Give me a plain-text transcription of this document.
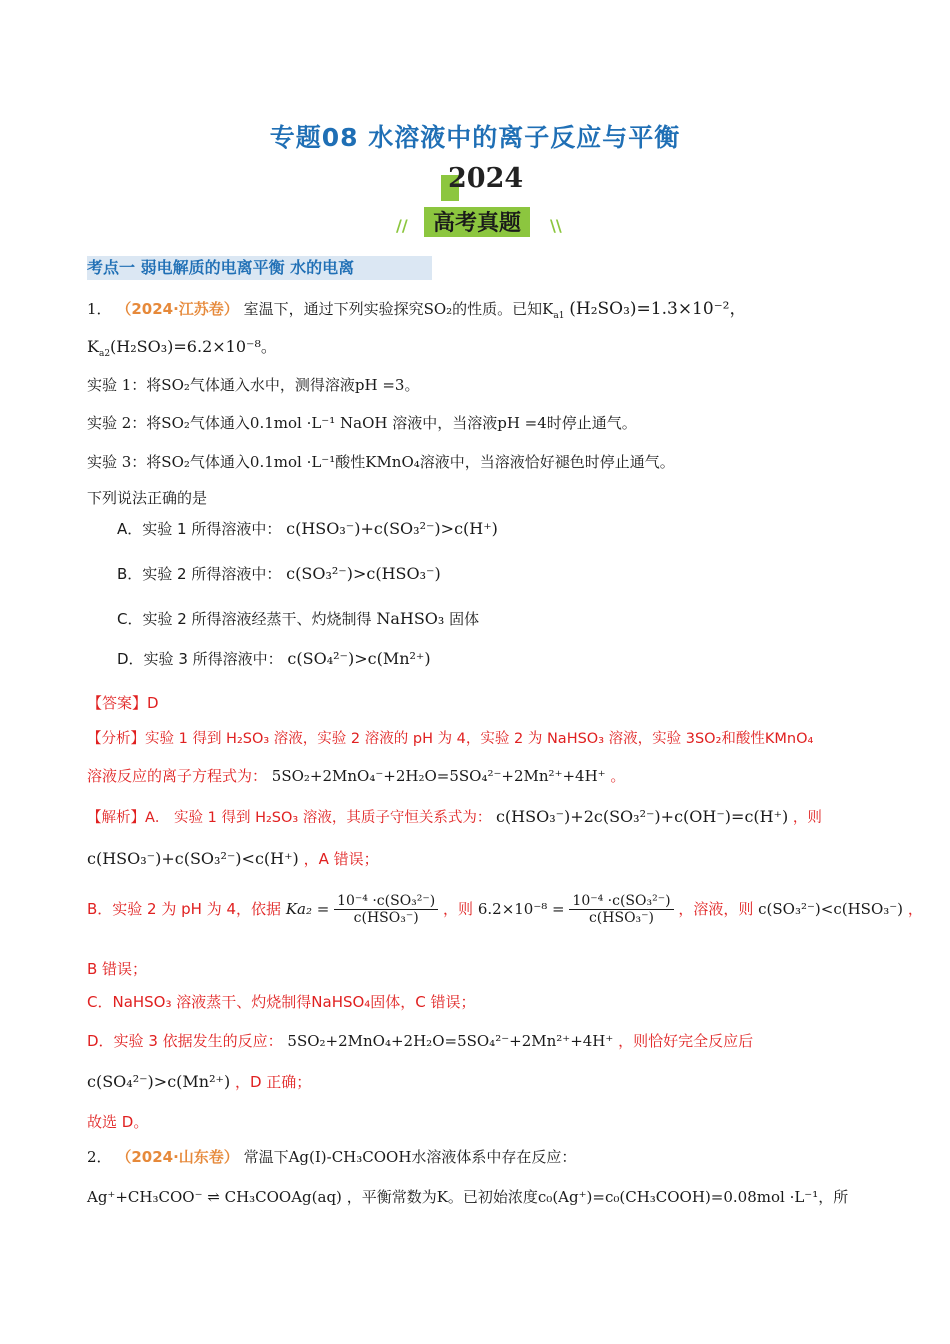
专题08 水溶液中的离子反应与平衡
2024
//	高考真题	\\
考点一 弱电解质的电离平衡 水的电离
1． （2024·江苏卷） 室温下，通过下列实验探究SO₂的性质。已知$K_{a1}$ (H₂SO₃)=1.3×10⁻²，
$K_{a2}(H_2SO_3)=6.2\times 10^{-8}$。
实验 1：将SO₂气体通入水中，测得溶液pH =3。
实验 2：将SO₂气体通入0.1mol ·L⁻¹ NaOH 溶液中，当溶液pH =4时停止通气。
实验 3：将SO₂气体通入0.1mol ·L⁻¹酸性KMnO₄溶液中，当溶液恰好褪色时停止通气。
下列说法正确的是
A．实验 1 所得溶液中： c(HSO₃⁻)+c(SO₃²⁻)>c(H⁺)
B．实验 2 所得溶液中： c(SO₃²⁻)>c(HSO₃⁻)
C．实验 2 所得溶液经蒸干、灼烧制得 NaHSO₃ 固体
D．实验 3 所得溶液中： c(SO₄²⁻)>c(Mn²⁺)
【答案】D
【分析】实验 1 得到 H₂SO₃ 溶液，实验 2 溶液的 pH 为 4，实验 2 为 NaHSO₃ 溶液，实验 3SO₂和酸性KMnO₄
溶液反应的离子方程式为： 5SO₂+2MnO₄⁻+2H₂O=5SO₄²⁻+2Mn²⁺+4H⁺ 。
【解析】A． 实验 1 得到 H₂SO₃ 溶液，其质子守恒关系式为： c(HSO₃⁻)+2c(SO₃²⁻)+c(OH⁻)=c(H⁺) ，则
c(HSO₃⁻)+c(SO₃²⁻)<c(H⁺) ，A 错误；
B．实验 2 为 pH 为 4，依据 $Ka_2 = \frac{\text{10⁻⁴ ·c(SO₃²⁻)}}{\text{c(HSO₃⁻)}}$ ，则 $6.2\times 10^{-8} = \frac{\text{10⁻⁴ ·c(SO₃²⁻)}}{\text{c(HSO₃⁻)}}$ ，溶液，则 c(SO₃²⁻)<c(HSO₃⁻) ，
B 错误；
C．NaHSO₃ 溶液蒸干、灼烧制得NaHSO₄固体，C 错误；
D．实验 3 依据发生的反应： 5SO₂+2MnO₄+2H₂O=5SO₄²⁻+2Mn²⁺+4H⁺ ，则恰好完全反应后
c(SO₄²⁻)>c(Mn²⁺) ，D 正确；
故选 D。
2． （2024·山东卷） 常温下Ag(Ⅰ)-CH₃COOH水溶液体系中存在反应：
Ag⁺+CH₃COO⁻ ⇌ CH₃COOAg(aq) ，平衡常数为K。已初始浓度c₀(Ag⁺)=c₀(CH₃COOH)=0.08mol ·L⁻¹，所
